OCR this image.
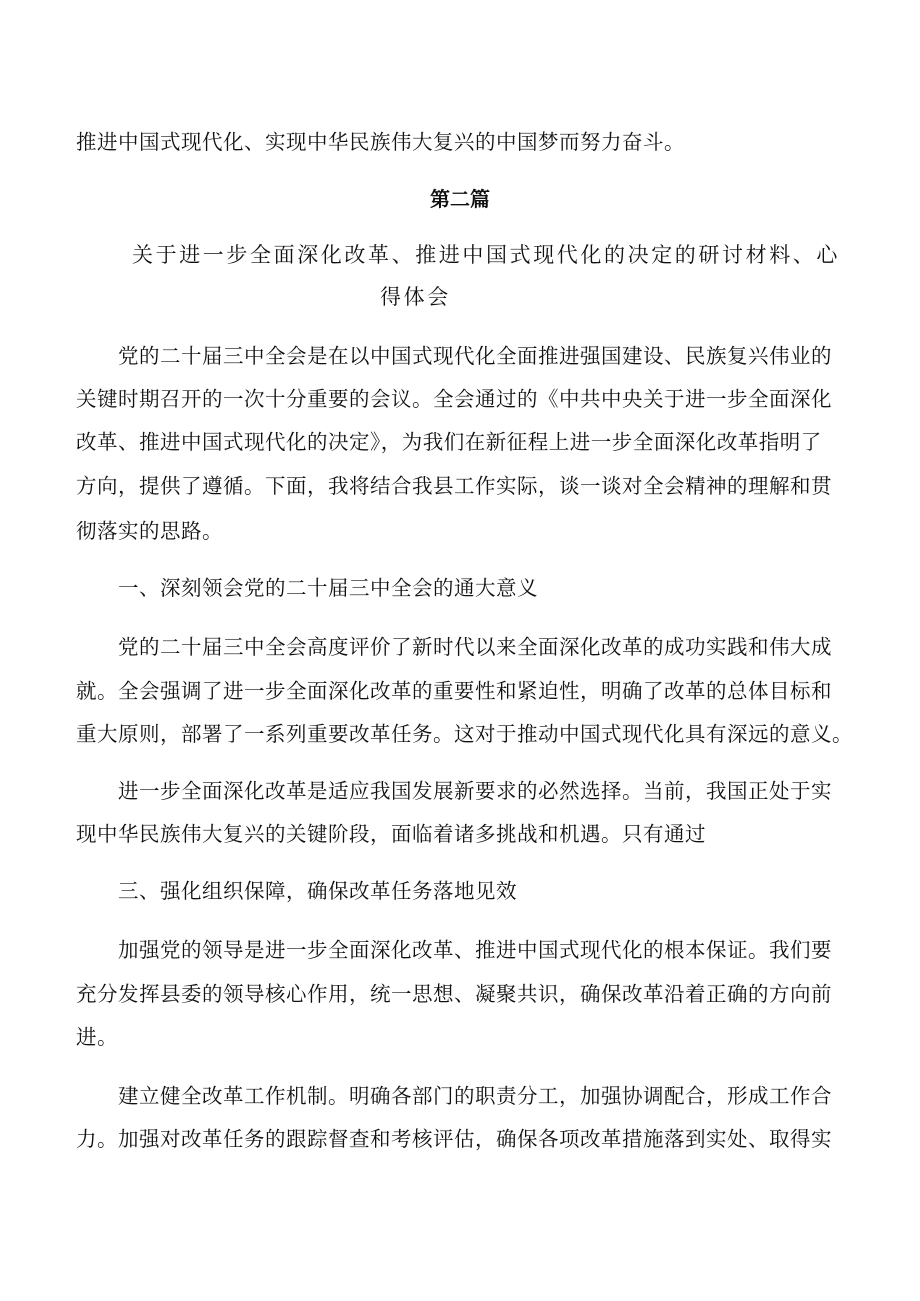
推进中国式现代化、实现中华民族伟大复兴的中国梦而努力奋斗。
第二篇
关于进一步全面深化改革、推进中国式现代化的决定的研讨材料、心
得体会
党的二十届三中全会是在以中国式现代化全面推进强国建设、民族复兴伟业的
关键时期召开的一次十分重要的会议。全会通过的《中共中央关于进一步全面深化
改革、推进中国式现代化的决定》，为我们在新征程上进一步全面深化改革指明了
方向，提供了遵循。下面，我将结合我县工作实际，谈一谈对全会精神的理解和贯
彻落实的思路。
一、深刻领会党的二十届三中全会的通大意义
党的二十届三中全会高度评价了新时代以来全面深化改革的成功实践和伟大成
就。全会强调了进一步全面深化改革的重要性和紧迫性，明确了改革的总体目标和
重大原则，部署了一系列重要改革任务。这对于推动中国式现代化具有深远的意义。
进一步全面深化改革是适应我国发展新要求的必然选择。当前，我国正处于实
现中华民族伟大复兴的关键阶段，面临着诸多挑战和机遇。只有通过
三、强化组织保障，确保改革任务落地见效
加强党的领导是进一步全面深化改革、推进中国式现代化的根本保证。我们要
充分发挥县委的领导核心作用，统一思想、凝聚共识，确保改革沿着正确的方向前
进。
建立健全改革工作机制。明确各部门的职责分工，加强协调配合，形成工作合
力。加强对改革任务的跟踪督查和考核评估，确保各项改革措施落到实处、取得实
